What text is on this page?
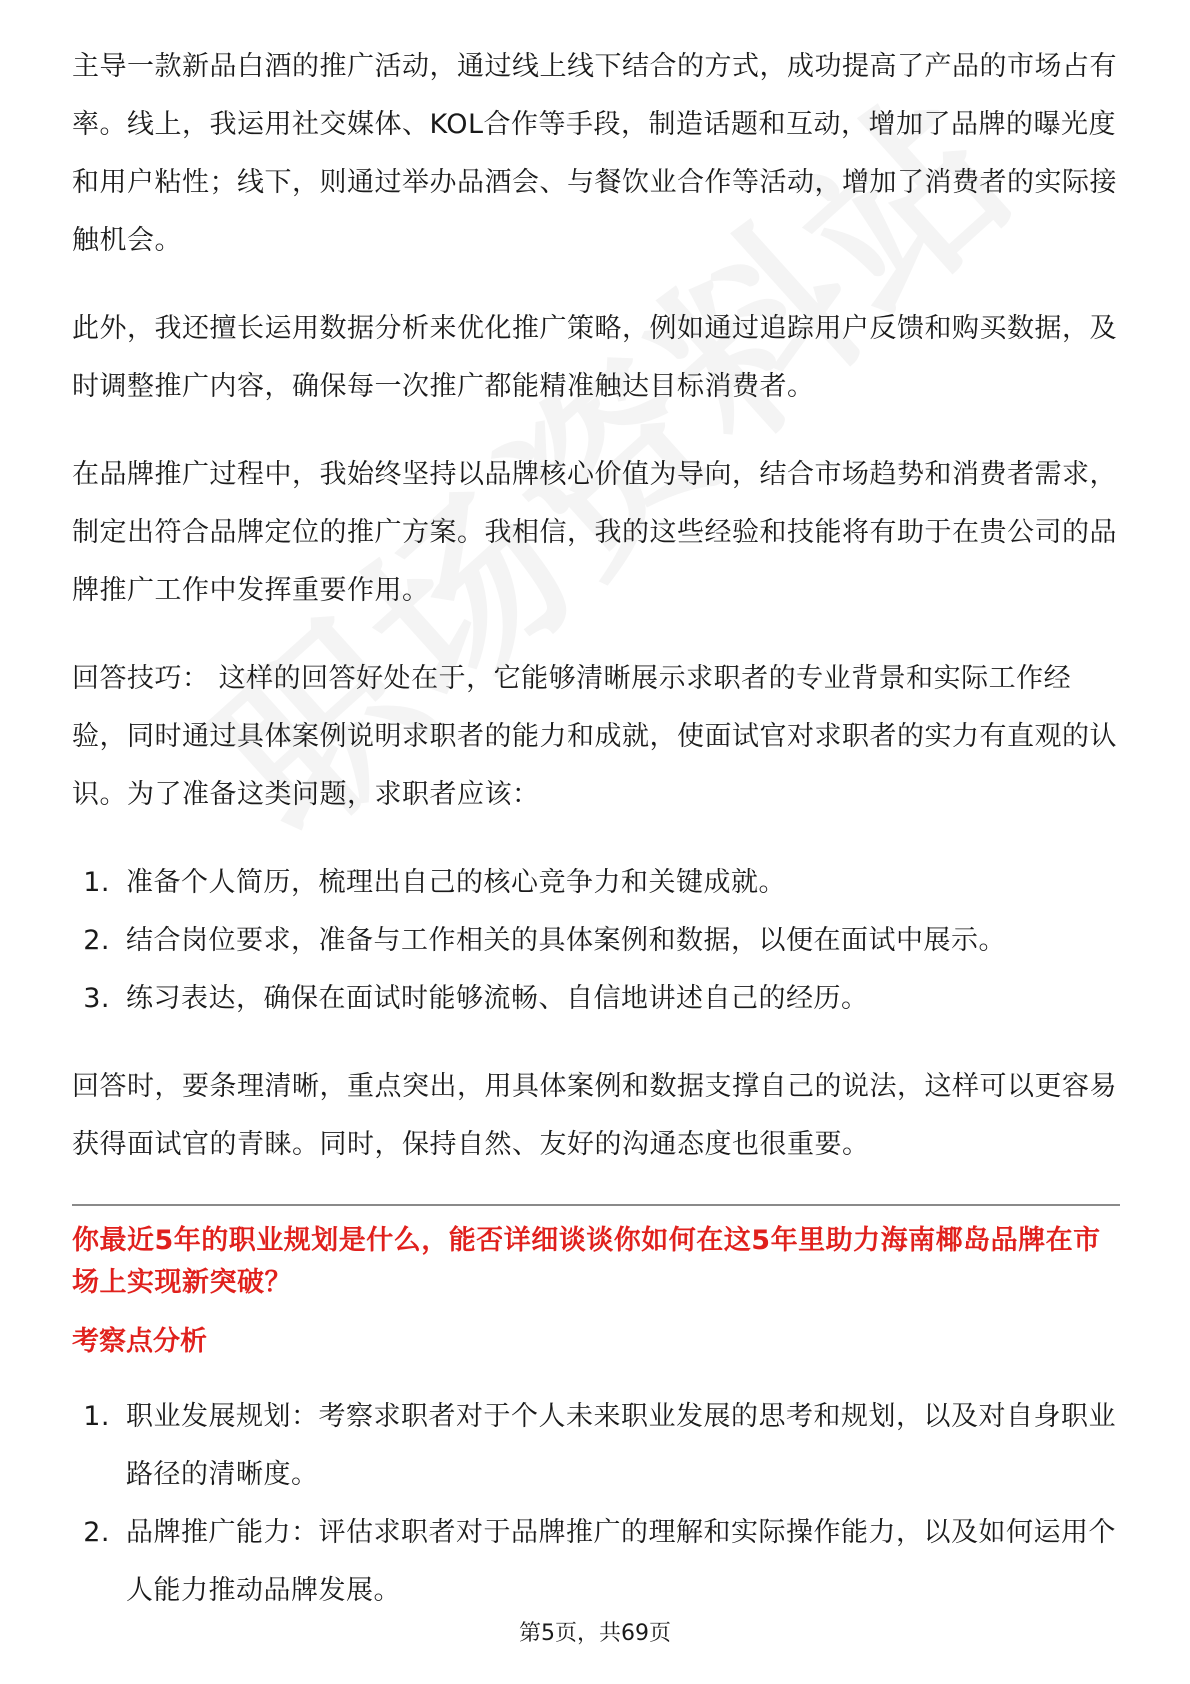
主导一款新品白酒的推广活动，通过线上线下结合的方式，成功提高了产品的市场占有率。线上，我运用社交媒体、KOL合作等手段，制造话题和互动，增加了品牌的曝光度和用户粘性；线下，则通过举办品酒会、与餐饮业合作等活动，增加了消费者的实际接触机会。

此外，我还擅长运用数据分析来优化推广策略，例如通过追踪用户反馈和购买数据，及时调整推广内容，确保每一次推广都能精准触达目标消费者。

在品牌推广过程中，我始终坚持以品牌核心价值为导向，结合市场趋势和消费者需求，制定出符合品牌定位的推广方案。我相信，我的这些经验和技能将有助于在贵公司的品牌推广工作中发挥重要作用。

回答技巧： 这样的回答好处在于，它能够清晰展示求职者的专业背景和实际工作经验，同时通过具体案例说明求职者的能力和成就，使面试官对求职者的实力有直观的认识。为了准备这类问题，求职者应该：

1. 准备个人简历，梳理出自己的核心竞争力和关键成就。
2. 结合岗位要求，准备与工作相关的具体案例和数据，以便在面试中展示。
3. 练习表达，确保在面试时能够流畅、自信地讲述自己的经历。

回答时，要条理清晰，重点突出，用具体案例和数据支撑自己的说法，这样可以更容易获得面试官的青睐。同时，保持自然、友好的沟通态度也很重要。

你最近5年的职业规划是什么，能否详细谈谈你如何在这5年里助力海南椰岛品牌在市场上实现新突破？

考察点分析
1. 职业发展规划：考察求职者对于个人未来职业发展的思考和规划，以及对自身职业路径的清晰度。
2. 品牌推广能力：评估求职者对于品牌推广的理解和实际操作能力，以及如何运用个人能力推动品牌发展。
第5页，共69页
